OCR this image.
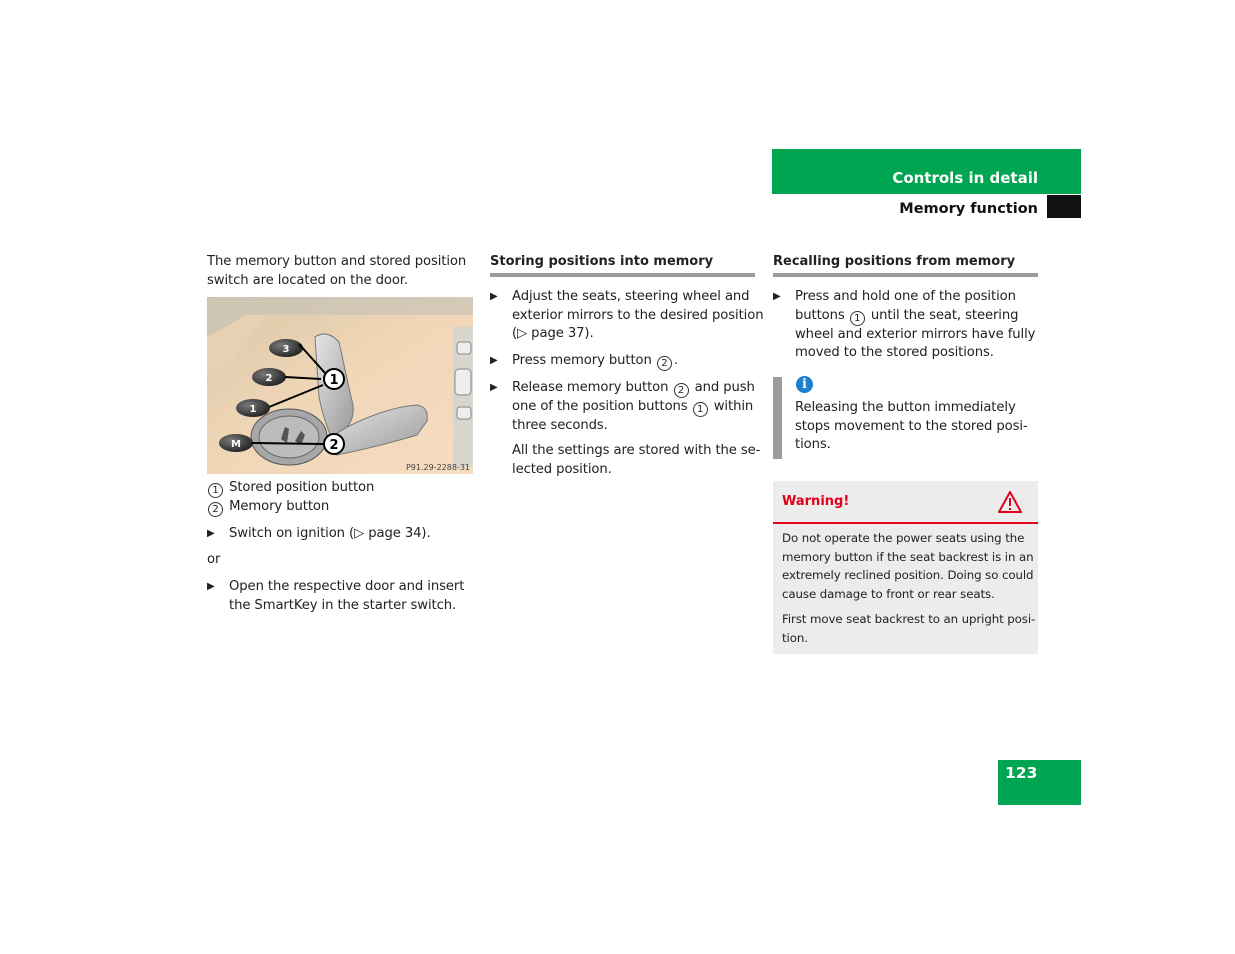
Controls in detail
Memory function
The memory button and stored position
switch are located on the door.
3
2
1
M
1
2
P91.29-2288-31
1 Stored position button
2 Memory button
▶ Switch on ignition (▷ page 34).
or
▶ Open the respective door and insert
the SmartKey in the starter switch.
Storing positions into memory
▶ Adjust the seats, steering wheel and
exterior mirrors to the desired position
(▷ page 37).
▶ Press memory button 2 .
▶ Release memory button 2 and push
one of the position buttons 1 within
three seconds.
All the settings are stored with the se-
lected position.
Recalling positions from memory
▶ Press and hold one of the position
buttons 1 until the seat, steering
wheel and exterior mirrors have fully
moved to the stored positions.
i
Releasing the button immediately
stops movement to the stored posi-
tions.
Warning!
Do not operate the power seats using the
memory button if the seat backrest is in an
extremely reclined position. Doing so could
cause damage to front or rear seats.
First move seat backrest to an upright posi-
tion.
123
